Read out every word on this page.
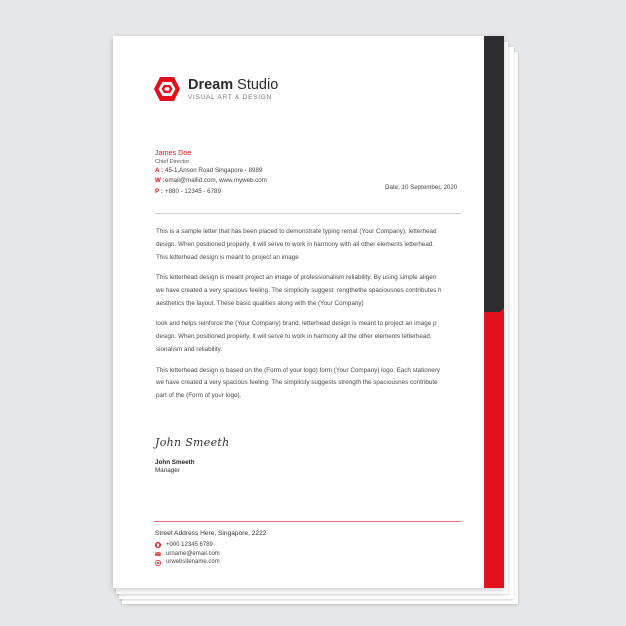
Dream Studio
VISUAL ART & DESIGN
James Doe
Chief Director
A : 45-1,Anson Road Singapore - 8989
W : email@mallid.com, www.myweb.com
P : +880 - 12345 - 6789
Date, 10 September, 2020

This is a sample letter that has been placed to demonstrate typing remat (Your Company), letterhead
design. When positioned properly, it will serve to work in harmony with all other elements letterhead.
This letterhead design is meant to project an image

This letterhead design is meant project an image of professionalism reliability. By using simple aligen
we have created a very spacious feeling. The simplicity suggest  rengthethe spaciousnes contributes h
aesthetics the layout. These basic qualities along with the (Your Company)

look and helps reinforce the (Your Company) brand. letterhead design is meant to project an image p
design. When positioned properly, it will serve to work in harmony all the other elements letterhead.
sionalism and reliability.

This letterhead design is based on the (Form of your logo) form (Your Company) logo. Each stationery
we have created a very spacious feeling. The simplicity suggests strength the spaciousnes contribute
part of the (Form of your logo).

John Smeeth
John Smeeth
Manager
Street Address Here, Singapore, 2222
+000 12345 6789
urname@email.com
urwebsitename.com
